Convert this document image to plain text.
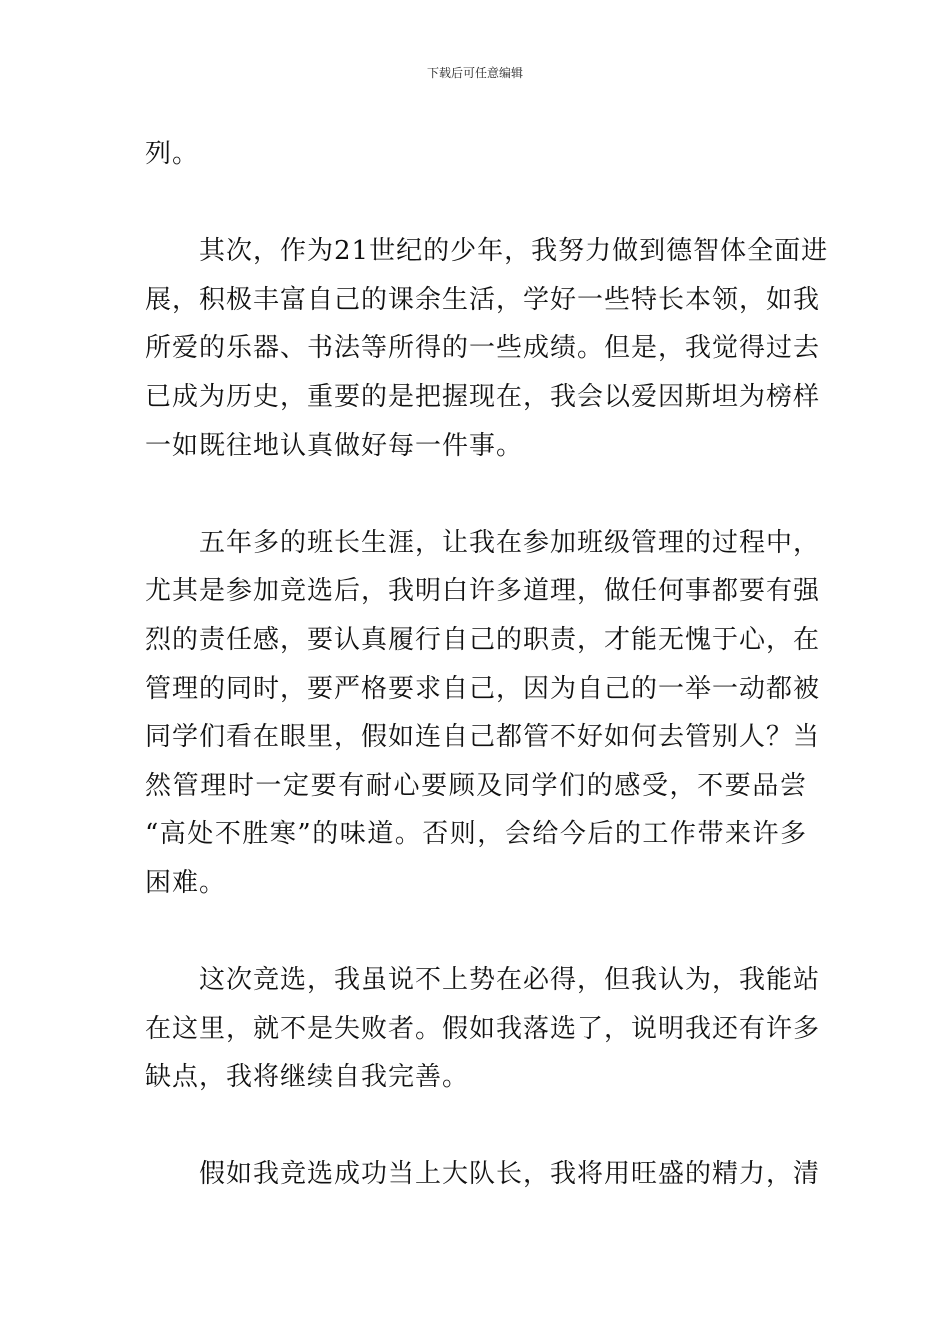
下载后可任意编辑
列。
　　其次，作为21世纪的少年，我努力做到德智体全面进
展，积极丰富自己的课余生活，学好一些特长本领，如我
所爱的乐器、书法等所得的一些成绩。但是，我觉得过去
已成为历史，重要的是把握现在，我会以爱因斯坦为榜样
一如既往地认真做好每一件事。
　　五年多的班长生涯，让我在参加班级管理的过程中，
尤其是参加竞选后，我明白许多道理，做任何事都要有强
烈的责任感，要认真履行自己的职责，才能无愧于心，在
管理的同时，要严格要求自己，因为自己的一举一动都被
同学们看在眼里，假如连自己都管不好如何去管别人？当
然管理时一定要有耐心要顾及同学们的感受，不要品尝
“高处不胜寒”的味道。否则，会给今后的工作带来许多
困难。
　　这次竞选，我虽说不上势在必得，但我认为，我能站
在这里，就不是失败者。假如我落选了，说明我还有许多
缺点，我将继续自我完善。
　　假如我竞选成功当上大队长，我将用旺盛的精力，清
